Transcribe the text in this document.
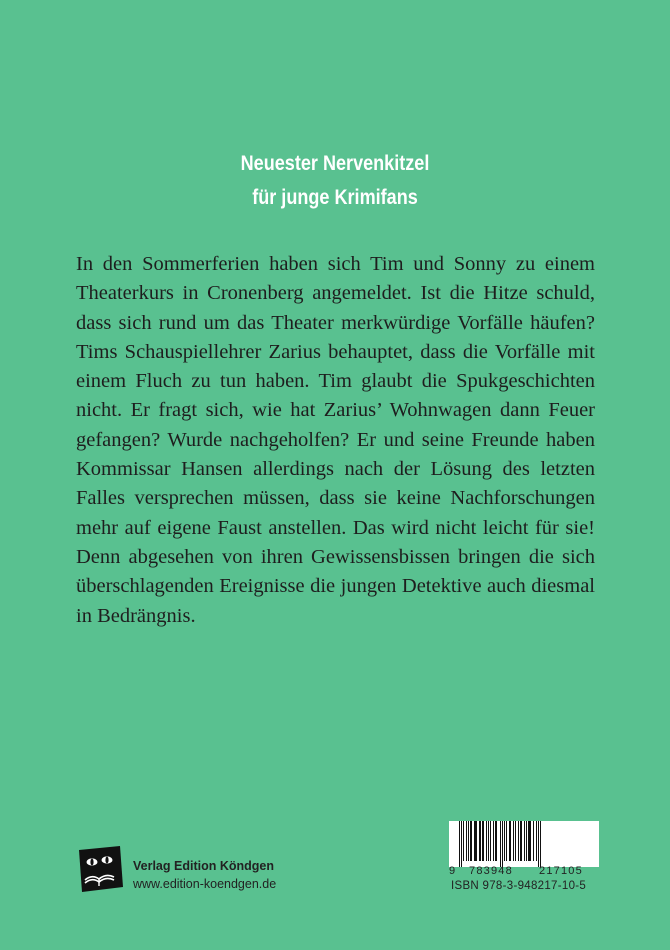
Neuester Nervenkitzel
für junge Krimifans

In den Sommerferien haben sich Tim und Sonny zu einem Theaterkurs in Cronenberg angemeldet. Ist die Hitze schuld, dass sich rund um das Theater merkwürdige Vorfälle häufen? Tims Schauspiellehrer Zarius behauptet, dass die Vorfälle mit einem Fluch zu tun haben. Tim glaubt die Spukgeschichten nicht. Er fragt sich, wie hat Zarius’ Wohnwagen dann Feuer gefangen? Wurde nachgeholfen? Er und seine Freunde haben Kommissar Hansen allerdings nach der Lösung des letzten Falles versprechen müssen, dass sie keine Nachforschungen mehr auf eigene Faust anstellen. Das wird nicht leicht für sie! Denn abgesehen von ihren Gewissensbissen bringen die sich überschlagenden Ereignisse die jungen Detektive auch diesmal in Bedrängnis.

Verlag Edition Köndgen
www.edition-koendgen.de
9 783948 217105
ISBN 978-3-948217-10-5
